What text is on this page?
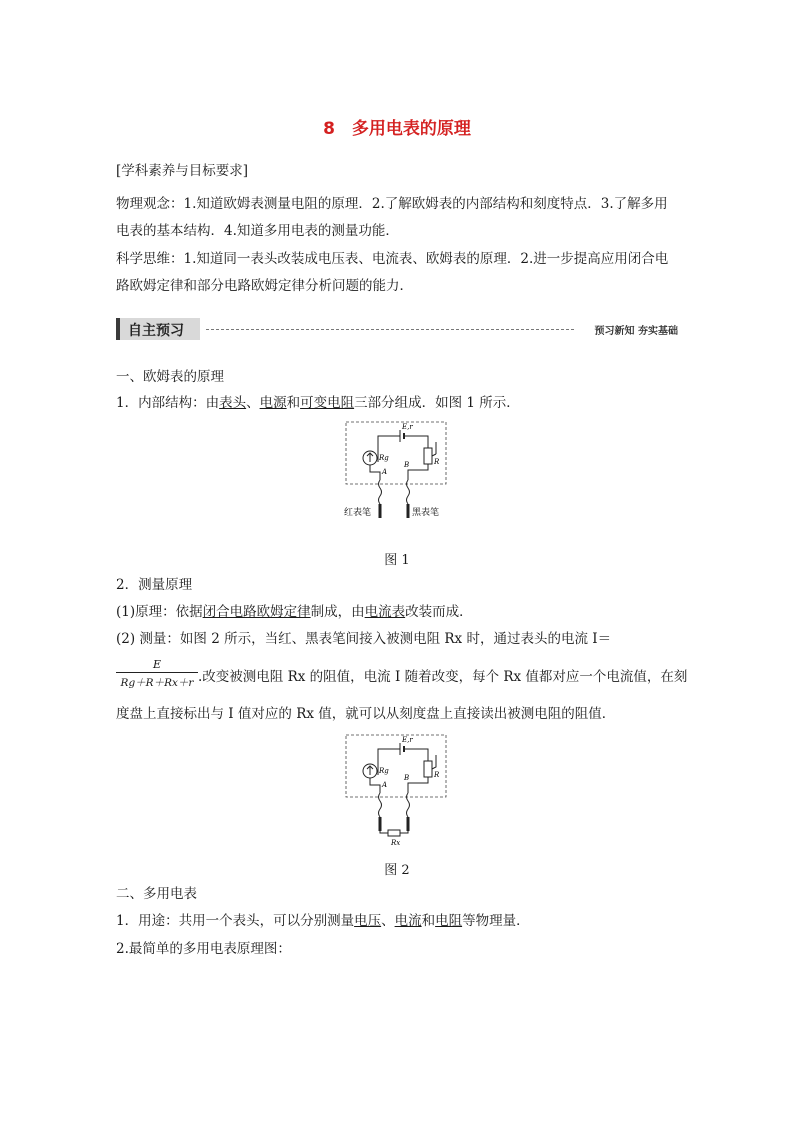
8　多用电表的原理
[学科素养与目标要求]
物理观念：1.知道欧姆表测量电阻的原理．2.了解欧姆表的内部结构和刻度特点．3.了解多用
电表的基本结构．4.知道多用电表的测量功能．
科学思维：1.知道同一表头改装成电压表、电流表、欧姆表的原理．2.进一步提高应用闭合电
路欧姆定律和部分电路欧姆定律分析问题的能力．
自主预习	预习新知 夯实基础
一、欧姆表的原理
1．内部结构：由表头、电源和可变电阻三部分组成．如图 1 所示．
E,r
Rg	R
A
B
红表笔	黑表笔
图 1
2．测量原理
(1)原理：依据闭合电路欧姆定律制成，由电流表改装而成．
(2) 测量：如图 2 所示，当红、黑表笔间接入被测电阻 Rx 时，通过表头的电流 I＝
$\frac{E}{Rg+R+Rx+r}$ .改变被测电阻 Rx 的阻值，电流 I 随着改变，每个 Rx 值都对应一个电流值，在刻
度盘上直接标出与 I 值对应的 Rx 值，就可以从刻度盘上直接读出被测电阻的阻值．
E,r
Rg	R
A
B
Rx
图 2
二、多用电表
1．用途：共用一个表头，可以分别测量电压、电流和电阻等物理量．
2.最简单的多用电表原理图：
